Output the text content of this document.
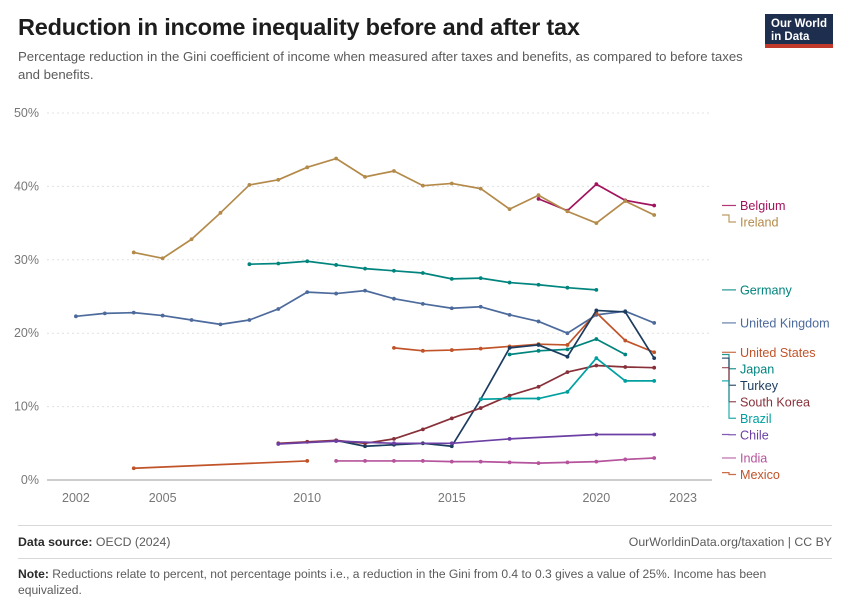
Reduction in income inequality before and after tax
Percentage reduction in the Gini coefficient of income when measured after taxes and benefits, as compared to before taxes and benefits.
Our World
in Data
0%
10%
20%
30%
40%
50%
2002	2005	2010	2015	2020	2023
Belgium
Ireland
Germany
United Kingdom
United States
Japan
Turkey
South Korea
Brazil
Chile
India
Mexico
Data source: OECD (2024)	OurWorldinData.org/taxation | CC BY
Note: Reductions relate to percent, not percentage points i.e., a reduction in the Gini from 0.4 to 0.3 gives a value of 25%. Income has been equivalized.
